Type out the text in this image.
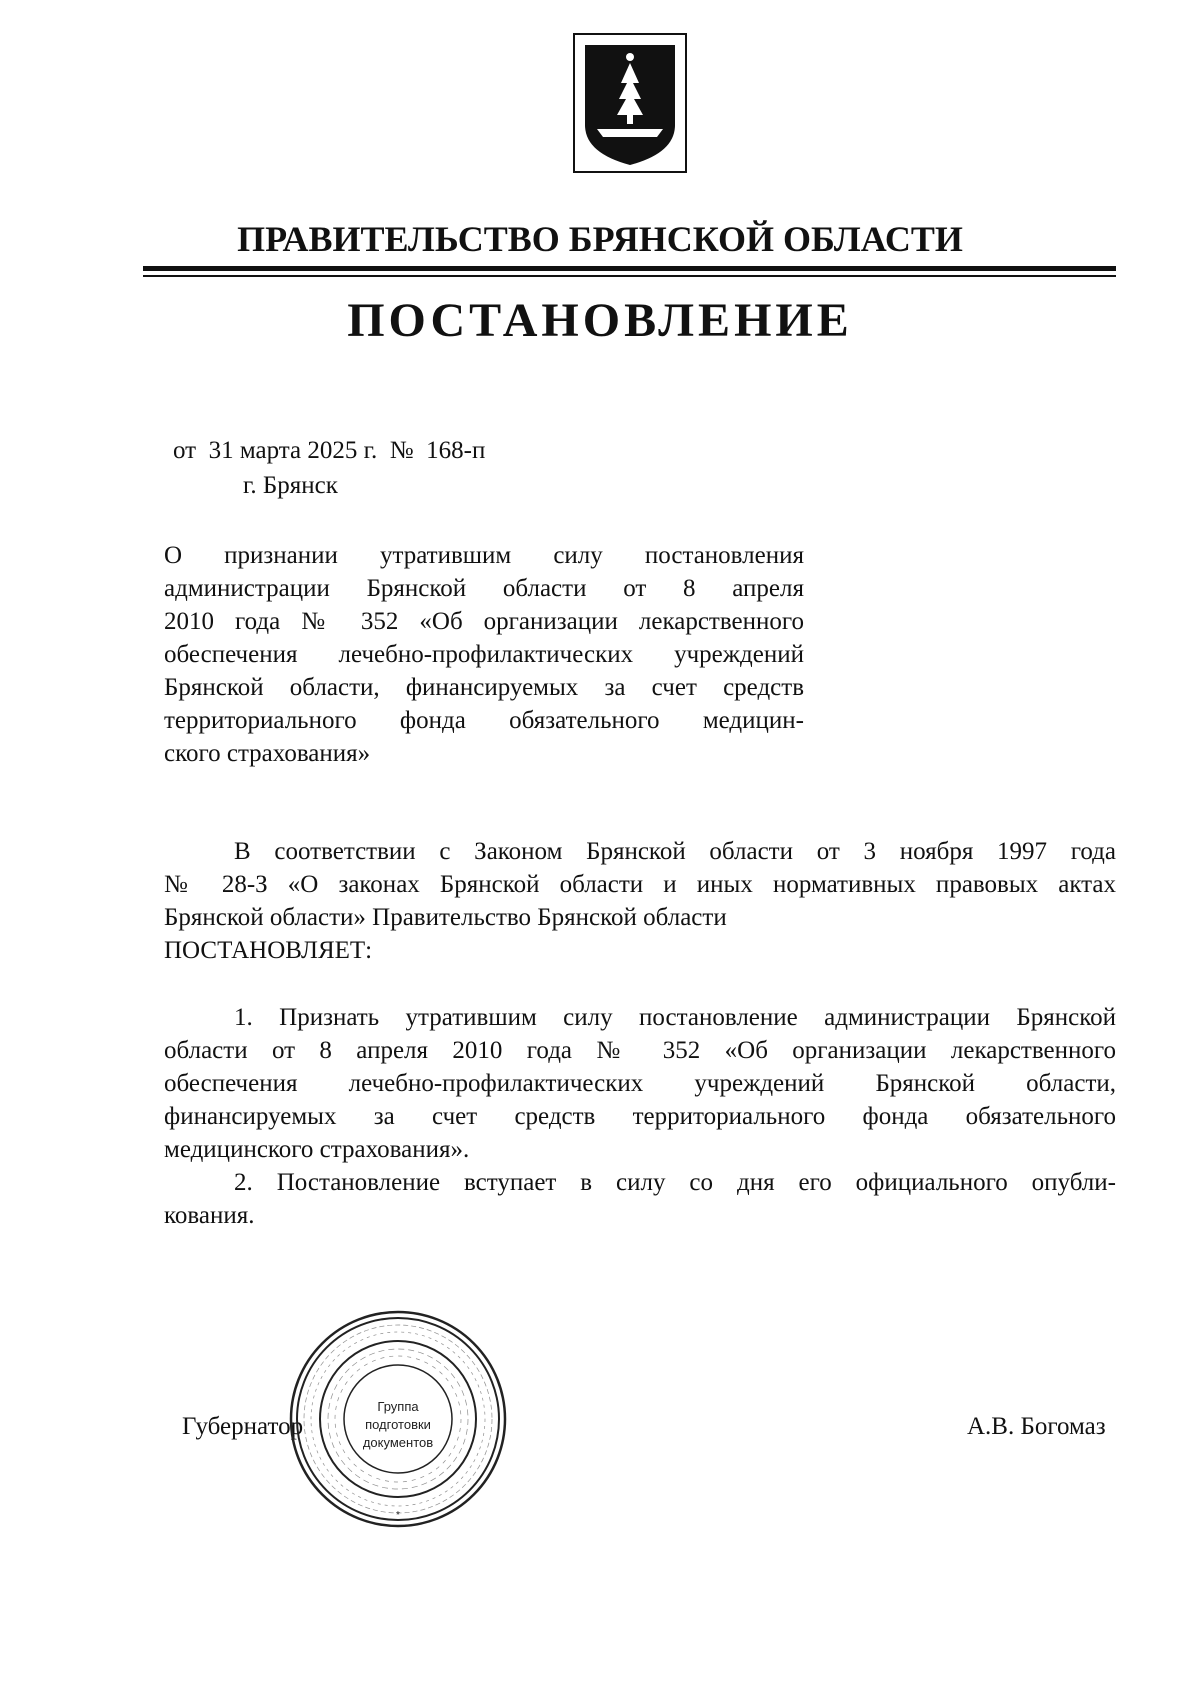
ПРАВИТЕЛЬСТВО БРЯНСКОЙ ОБЛАСТИ
ПОСТАНОВЛЕНИЕ
от  31 марта 2025 г.  №  168-п
г. Брянск
О признании утратившим силу постановления
администрации Брянской области от 8 апреля
2010 года № 352 «Об организации лекарственного
обеспечения лечебно-профилактических учреждений
Брянской области, финансируемых за счет средств
территориального фонда обязательного медицин-
ского страхования»
В соответствии с Законом Брянской области от 3 ноября 1997 года
№ 28-З «О законах Брянской области и иных нормативных правовых актах
Брянской области» Правительство Брянской области
ПОСТАНОВЛЯЕТ:
1. Признать утратившим силу постановление администрации Брянской
области от 8 апреля 2010 года № 352 «Об организации лекарственного
обеспечения лечебно-профилактических учреждений Брянской области,
финансируемых за счет средств территориального фонда обязательного
медицинского страхования».
2. Постановление вступает в силу со дня его официального опубли-
кования.
Губернатор	А.В. Богомаз
*
Группа
подготовки
документов
